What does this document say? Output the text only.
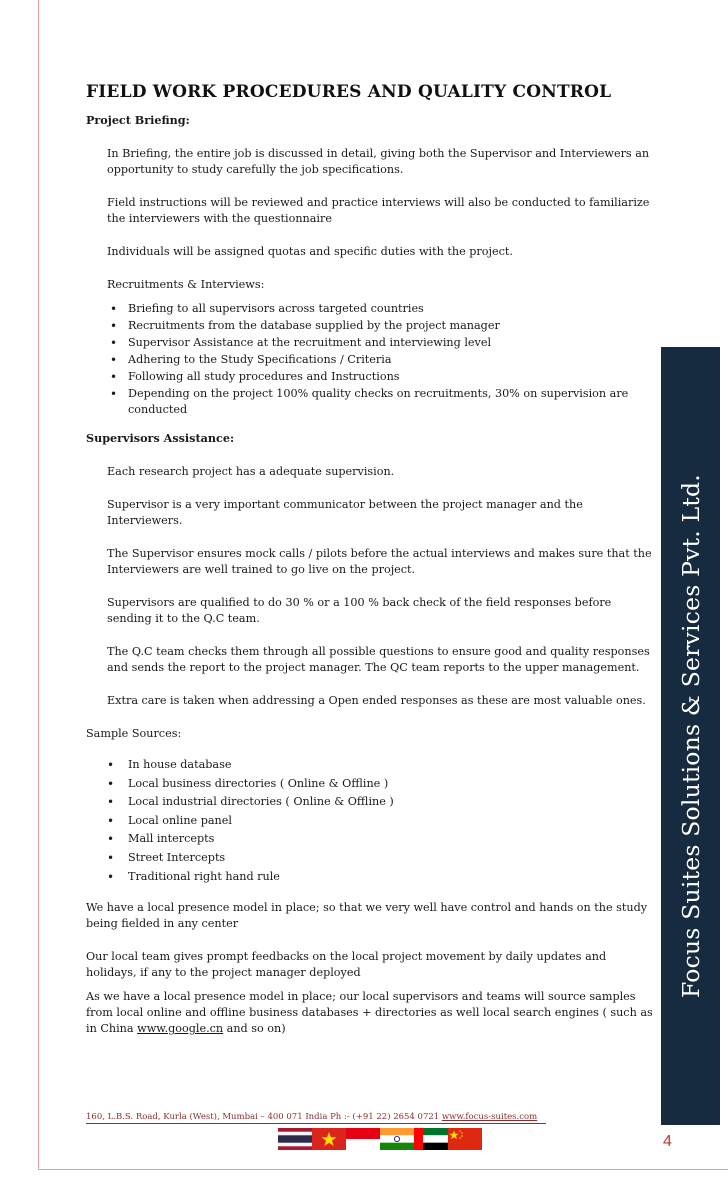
FIELD WORK PROCEDURES AND QUALITY CONTROL
Project Briefing:

In Briefing, the entire job is discussed in detail, giving both the Supervisor and Interviewers an opportunity to study carefully the job specifications.

Field instructions will be reviewed and practice interviews will also be conducted to familiarize the interviewers with the questionnaire

Individuals will be assigned quotas and specific duties with the project.

Recruitments & Interviews:

• Briefing to all supervisors across targeted countries
• Recruitments from the database supplied by the project manager
• Supervisor Assistance at the recruitment and interviewing level
• Adhering to the Study Specifications / Criteria
• Following all study procedures and Instructions
• Depending on the project 100% quality checks on recruitments, 30% on supervision are conducted
Supervisors Assistance:

Each research project has a adequate supervision.

Supervisor is a very important communicator between the project manager and the Interviewers.

The Supervisor ensures mock calls / pilots before the actual interviews and makes sure that the Interviewers are well trained to go live on the project.

Supervisors are qualified to do 30 % or a 100 % back check of the field responses before sending it to the Q.C team.

The Q.C team checks them through all possible questions to ensure good and quality responses and sends the report to the project manager. The QC team reports to the upper management.

Extra care is taken when addressing a Open ended responses as these are most valuable ones.

Sample Sources:

• In house database
• Local business directories ( Online & Offline )
• Local industrial directories ( Online & Offline )
• Local online panel
• Mall intercepts
• Street Intercepts
• Traditional right hand rule

We have a local presence model in place; so that we very well have control and hands on the study being fielded in any center

Our local team gives prompt feedbacks on the local project movement by daily updates and holidays, if any to the project manager deployed

As we have a local presence model in place; our local supervisors and teams will source samples from local online and offline business databases + directories as well local search engines ( such as in China www.google.cn and so on)

160, L.B.S. Road, Kurla (West), Mumbai – 400 071 India Ph :- (+91 22) 2654 0721 www.focus-suites.com
Focus Suites Solutions & Services Pvt. Ltd.
4
